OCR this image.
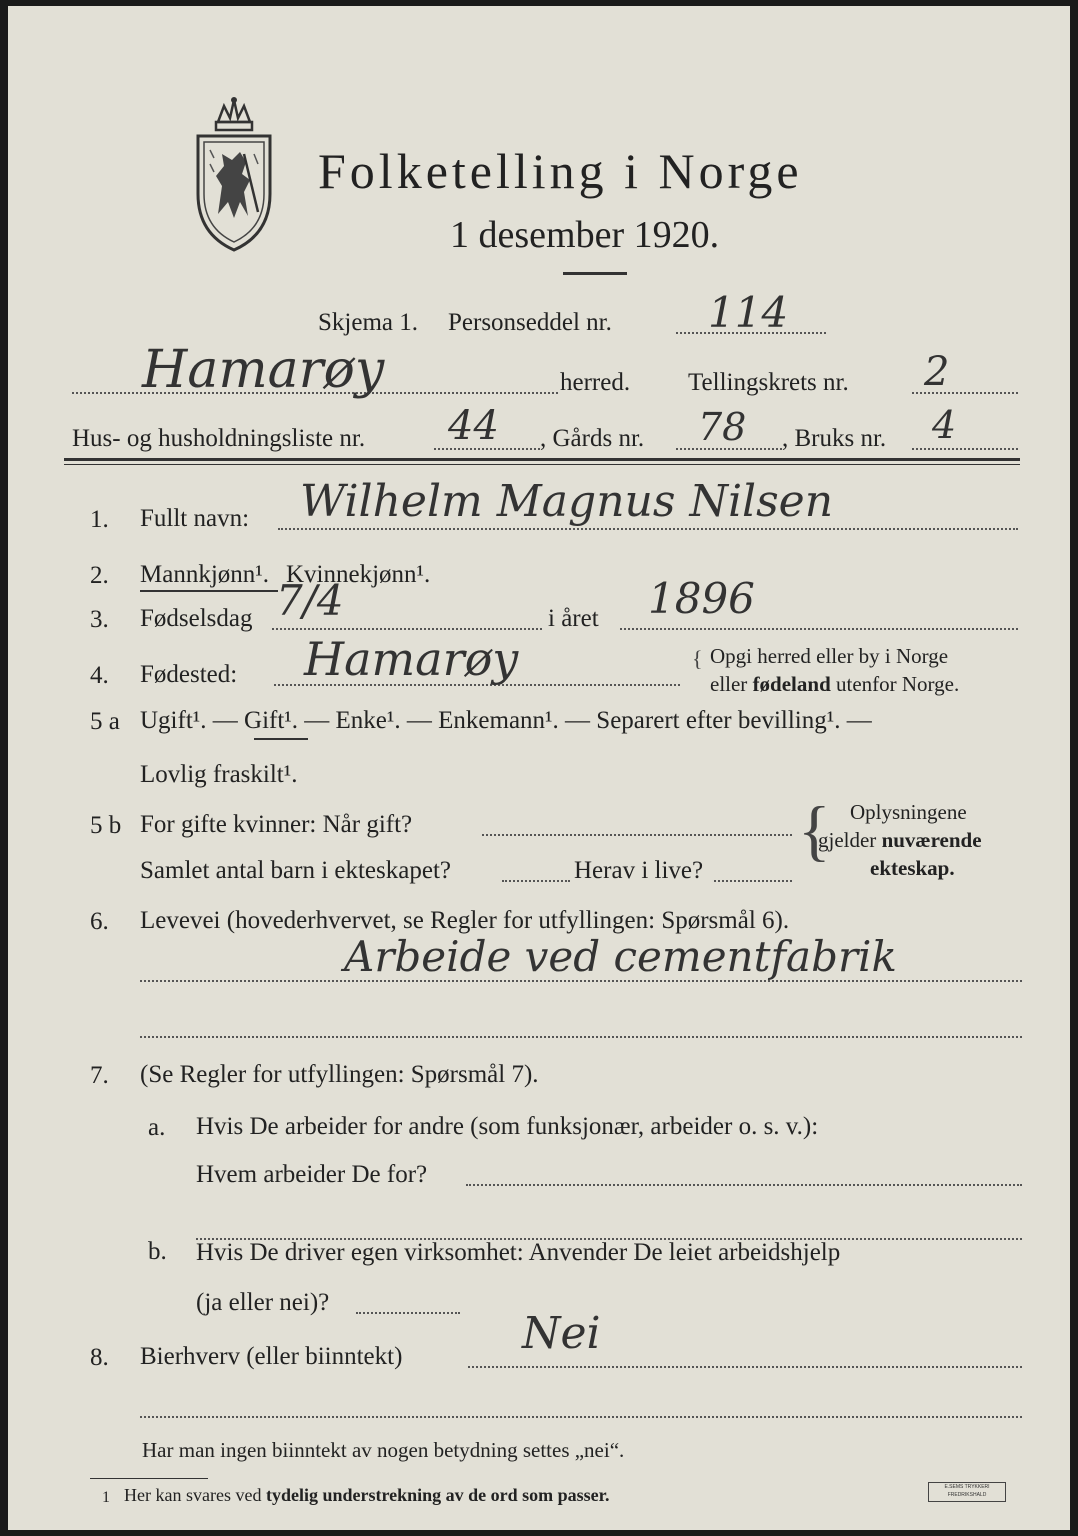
Folketelling i Norge
1 desember 1920.
Skjema 1. Personseddel nr. 114
Hamarøy	herred. Tellingskrets nr. 2
Hus- og husholdningsliste nr. 44 , Gårds nr. 78 , Bruks nr. 4
1. Fullt navn: Wilhelm Magnus Nilsen
2. Mannkjønn¹. Kvinnekjønn¹.
3. Fødselsdag 7/4	i året 1896
4. Fødested: Hamarøy	{ Opgi herred eller by i Norge
eller fødeland utenfor Norge.
5 a Ugift¹. — Gift¹. — Enke¹. — Enkemann¹. — Separert efter bevilling¹. —
Lovlig fraskilt¹.
5 b For gifte kvinner: Når gift?
Samlet antal barn i ekteskapet?	Herav i live?
{ Oplysningene
gjelder nuværende
ekteskap.
6. Levevei (hovederhvervet, se Regler for utfyllingen: Spørsmål 6).
Arbeide ved cementfabrik
7. (Se Regler for utfyllingen: Spørsmål 7).
a. Hvis De arbeider for andre (som funksjonær, arbeider o. s. v.):
Hvem arbeider De for?
b. Hvis De driver egen virksomhet: Anvender De leiet arbeidshjelp
(ja eller nei)?
8. Bierhverv (eller biinntekt)	Nei
Har man ingen biinntekt av nogen betydning settes „nei“.
1 Her kan svares ved tydelig understrekning av de ord som passer.	E.SEMS TRYKKERI FREDRIKSHALD
